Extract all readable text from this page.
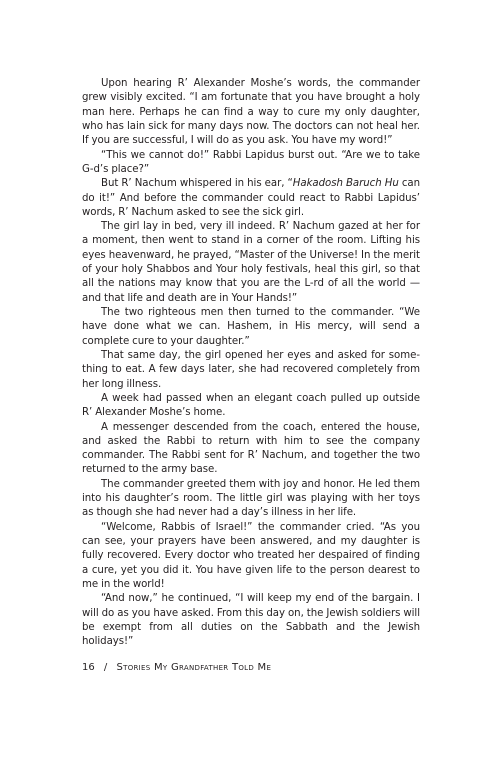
Upon hearing R’ Alexander Moshe’s words, the commander grew visibly excited. “I am fortunate that you have brought a holy man here. Perhaps he can find a way to cure my only daughter, who has lain sick for many days now. The doctors can not heal her. If you are successful, I will do as you ask. You have my word!”

“This we cannot do!” Rabbi Lapidus burst out. “Are we to take G-d’s place?”

But R’ Nachum whispered in his ear, “Hakadosh Baruch Hu can do it!” And before the commander could react to Rabbi Lapidus’ words, R’ Nachum asked to see the sick girl.

The girl lay in bed, very ill indeed. R’ Nachum gazed at her for a moment, then went to stand in a corner of the room. Lifting his eyes heavenward, he prayed, “Master of the Universe! In the merit of your holy Shabbos and Your holy festivals, heal this girl, so that all the nations may know that you are the L-rd of all the world — and that life and death are in Your Hands!”

The two righteous men then turned to the commander. “We have done what we can. Hashem, in His mercy, will send a complete cure to your daughter.”

That same day, the girl opened her eyes and asked for something to eat. A few days later, she had recovered completely from her long illness.

A week had passed when an elegant coach pulled up outside R’ Alexander Moshe’s home.

A messenger descended from the coach, entered the house, and asked the Rabbi to return with him to see the company commander. The Rabbi sent for R’ Nachum, and together the two returned to the army base.

The commander greeted them with joy and honor. He led them into his daughter’s room. The little girl was playing with her toys as though she had never had a day’s illness in her life.

“Welcome, Rabbis of Israel!” the commander cried. “As you can see, your prayers have been answered, and my daughter is fully recovered. Every doctor who treated her despaired of finding a cure, yet you did it. You have given life to the person dearest to me in the world!

“And now,” he continued, “I will keep my end of the bargain. I will do as you have asked. From this day on, the Jewish soldiers will be exempt from all duties on the Sabbath and the Jewish holidays!”

16 / Stories My Grandfather Told Me
